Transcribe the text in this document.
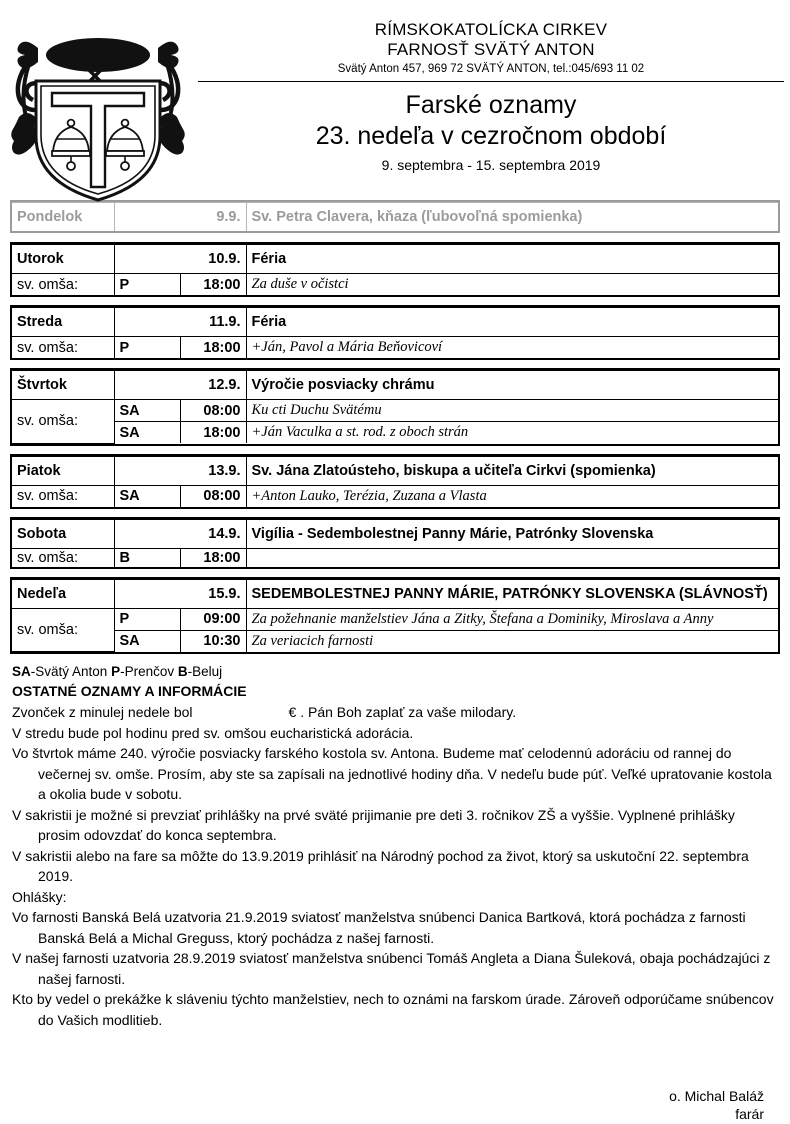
RÍMSKOKATOLÍCKA CIRKEV
FARNOSŤ SVÄTÝ ANTON
Svätý Anton 457, 969 72 SVÄTÝ ANTON, tel.:045/693 11 02
Farské oznamy
23. nedeľa v cezročnom období
9. septembra - 15. septembra 2019
Pondelok	9.9.	Sv. Petra Clavera, kňaza (ľubovoľná spomienka)
Utorok	10.9.		Féria
sv. omša:	P	18:00	Za duše v očistci
Streda	11.9.		Féria
sv. omša:	P	18:00	+Ján, Pavol a Mária Beňovicoví
Štvrtok	12.9.		Výročie posviacky chrámu
sv. omša:	SA	08:00	Ku cti Duchu Svätému
	SA	18:00	+Ján Vaculka a st. rod. z oboch strán
Piatok	13.9.		Sv. Jána Zlatoústeho, biskupa a učiteľa Cirkvi (spomienka)
sv. omša:	SA	08:00	+Anton Lauko, Terézia, Zuzana a Vlasta
Sobota	14.9.		Vigília - Sedembolestnej Panny Márie, Patrónky Slovenska
sv. omša:	B	18:00	
Nedeľa	15.9.		SEDEMBOLESTNEJ PANNY MÁRIE, PATRÓNKY SLOVENSKA (SLÁVNOSŤ)
sv. omša:	P	09:00	Za požehnanie manželstiev Jána a Zitky, Štefana a Dominiky, Miroslava a Anny
	SA	10:30	Za veriacich farnosti
SA-Svätý Anton P-Prenčov B-Beluj
OSTATNÉ OZNAMY A INFORMÁCIE
Zvonček z minulej nedele bol	€ . Pán Boh zaplať za vaše milodary.
V stredu bude pol hodinu pred sv. omšou eucharistická adorácia.
Vo štvrtok máme 240. výročie posviacky farského kostola sv. Antona. Budeme mať celodennú adoráciu od rannej do večernej sv. omše. Prosím, aby ste sa zapísali na jednotlivé hodiny dňa. V nedeľu bude púť. Veľké upratovanie kostola a okolia bude v sobotu.
V sakristii je možné si prevziať prihlášky na prvé sväté prijimanie pre deti 3. ročnikov ZŠ a vyššie. Vyplnené prihlášky prosim odovzdať do konca septembra.
V sakristii alebo na fare sa môžte do 13.9.2019 prihlásiť na Národný pochod za život, ktorý sa uskutoční 22. septembra 2019.
Ohlášky:
Vo farnosti Banská Belá uzatvoria 21.9.2019 sviatosť manželstva snúbenci Danica Bartková, ktorá pochádza z farnosti Banská Belá a Michal Greguss, ktorý pochádza z našej farnosti.
V našej farnosti uzatvoria 28.9.2019 sviatosť manželstva snúbenci Tomáš Angleta a Diana Šuleková, obaja pochádzajúci z našej farnosti.
Kto by vedel o prekážke k sláveniu týchto manželstiev, nech to oznámi na farskom úrade. Zároveň odporúčame snúbencov do Vašich modlitieb.
o. Michal Baláž
farár
